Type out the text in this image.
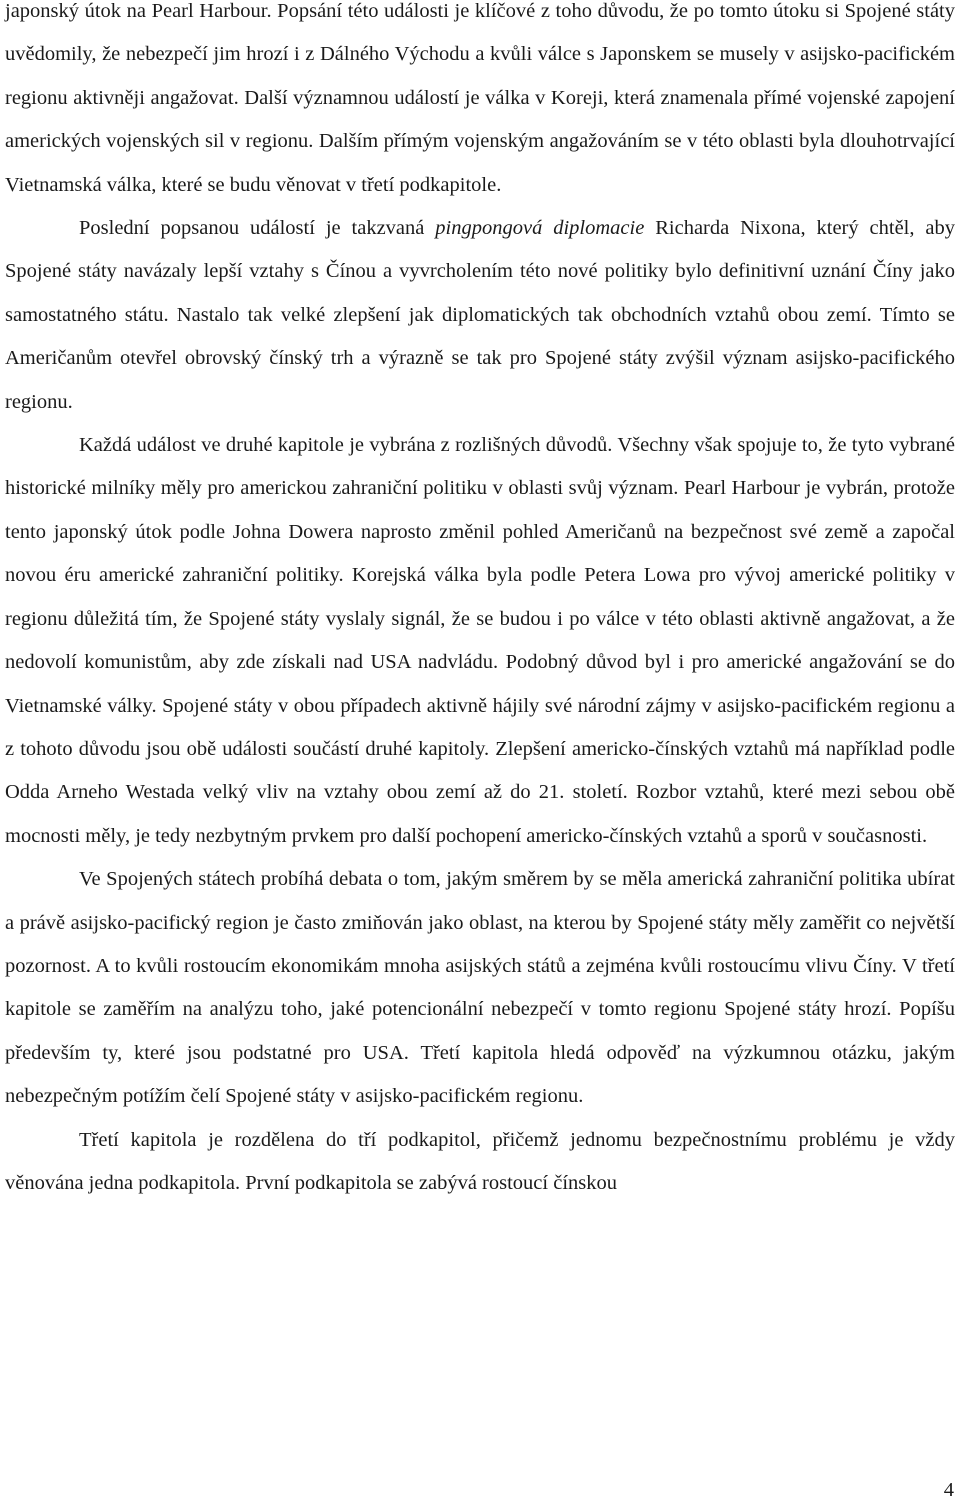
japonský útok na Pearl Harbour. Popsání této události je klíčové z toho důvodu, že po tomto útoku si Spojené státy uvědomily, že nebezpečí jim hrozí i z Dálného Východu a kvůli válce s Japonskem se musely v asijsko-pacifickém regionu aktivněji angažovat. Další významnou událostí je válka v Koreji, která znamenala přímé vojenské zapojení amerických vojenských sil v regionu. Dalším přímým vojenským angažováním se v této oblasti byla dlouhotrvající Vietnamská válka, které se budu věnovat v třetí podkapitole.

Poslední popsanou událostí je takzvaná pingpongová diplomacie Richarda Nixona, který chtěl, aby Spojené státy navázaly lepší vztahy s Čínou a vyvrcholením této nové politiky bylo definitivní uznání Číny jako samostatného státu. Nastalo tak velké zlepšení jak diplomatických tak obchodních vztahů obou zemí. Tímto se Američanům otevřel obrovský čínský trh a výrazně se tak pro Spojené státy zvýšil význam asijsko-pacifického regionu.

Každá událost ve druhé kapitole je vybrána z rozlišných důvodů. Všechny však spojuje to, že tyto vybrané historické milníky měly pro americkou zahraniční politiku v oblasti svůj význam. Pearl Harbour je vybrán, protože tento japonský útok podle Johna Dowera naprosto změnil pohled Američanů na bezpečnost své země a započal novou éru americké zahraniční politiky. Korejská válka byla podle Petera Lowa pro vývoj americké politiky v regionu důležitá tím, že Spojené státy vyslaly signál, že se budou i po válce v této oblasti aktivně angažovat, a že nedovolí komunistům, aby zde získali nad USA nadvládu. Podobný důvod byl i pro americké angažování se do Vietnamské války. Spojené státy v obou případech aktivně hájily své národní zájmy v asijsko-pacifickém regionu a z tohoto důvodu jsou obě události součástí druhé kapitoly. Zlepšení americko-čínských vztahů má například podle Odda Arneho Westada velký vliv na vztahy obou zemí až do 21. století. Rozbor vztahů, které mezi sebou obě mocnosti měly, je tedy nezbytným prvkem pro další pochopení americko-čínských vztahů a sporů v současnosti.

Ve Spojených státech probíhá debata o tom, jakým směrem by se měla americká zahraniční politika ubírat a právě asijsko-pacifický region je často zmiňován jako oblast, na kterou by Spojené státy měly zaměřit co největší pozornost. A to kvůli rostoucím ekonomikám mnoha asijských států a zejména kvůli rostoucímu vlivu Číny. V třetí kapitole se zaměřím na analýzu toho, jaké potencionální nebezpečí v tomto regionu Spojené státy hrozí. Popíšu především ty, které jsou podstatné pro USA. Třetí kapitola hledá odpověď na výzkumnou otázku, jakým nebezpečným potížím čelí Spojené státy v asijsko-pacifickém regionu.

Třetí kapitola je rozdělena do tří podkapitol, přičemž jednomu bezpečnostnímu problému je vždy věnována jedna podkapitola. První podkapitola se zabývá rostoucí čínskou

4
